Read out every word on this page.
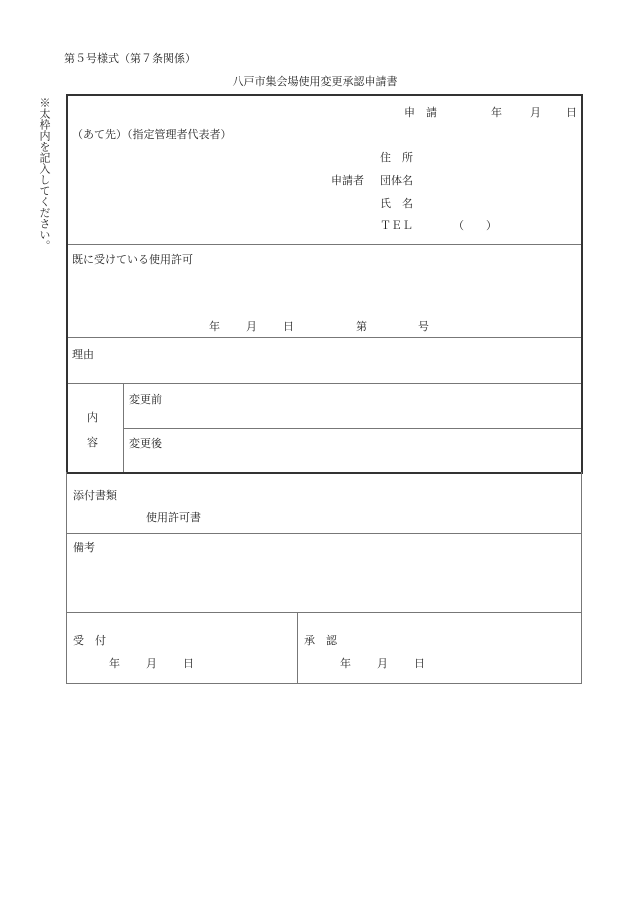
第５号様式（第７条関係）
八戸市集会場使用変更承認申請書
※太枠内を記入してください。	申　請	年	月 日
（あて先）（指定管理者代表者）
住　所
申請者 団体名
氏　名
ＴＥＬ	（　　）
既に受けている使用許可
年 月 日	第	号
理由
内
容
変更前
変更後
添付書類
使用許可書
備考
受　付
年 月 日
承　認
年 月 日
